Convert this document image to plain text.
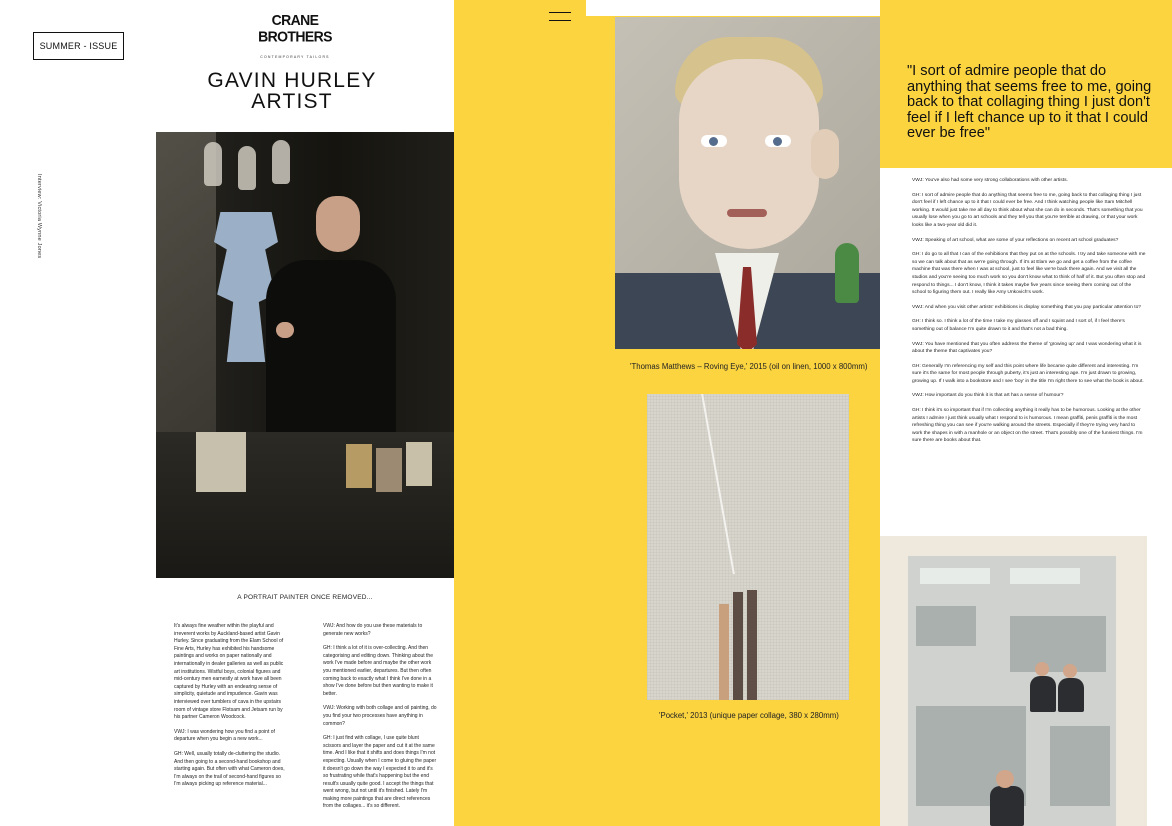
CRANE BROTHERS
CONTEMPORARY TAILORS
SUMMER - ISSUE
GAVIN HURLEY
ARTIST
Interview: Victoria Wynne Jones
A PORTRAIT PAINTER ONCE REMOVED...

It's always fine weather within the playful and irreverent works by Auckland-based artist Gavin Hurley. Since graduating from the Elam School of Fine Arts, Hurley has exhibited his handsome paintings and works on paper nationally and internationally in dealer galleries as well as public art institutions. Wistful boys, colonial figures and mid-century men earnestly at work have all been captured by Hurley with an endearing sense of simplicity, quietude and impudence. Gavin was interviewed over tumblers of cava in the upstairs room of vintage store Flotsam and Jetsam run by his partner Cameron Woodcock.

VWJ: I was wondering how you find a point of departure when you begin a new work...

GH: Well, usually totally de-cluttering the studio. And then going to a second-hand bookshop and starting again. But often with what Cameron does, I'm always on the trail of second-hand figures so I'm always picking up reference material...

VWJ: And how do you use these materials to generate new works?

GH: I think a lot of it is over-collecting. And then categorising and editing down. Thinking about the work I've made before and maybe the other work you mentioned earlier, departures. But then often coming back to exactly what I think I've done in a show I've done before but then wanting to make it better.

VWJ: Working with both collage and oil painting, do you find your two processes have anything in common?

GH: I just find with collage, I use quite blunt scissors and layer the paper and cut it at the same time. And I like that it shifts and does things I'm not expecting. Usually when I come to gluing the paper it doesn't go down the way I expected it to and it's so frustrating while that's happening but the end result's usually quite good. I accept the things that went wrong, but not until it's finished. Lately I'm making more paintings that are direct references from the collages... it's so different.

'Thomas Matthews – Roving Eye,' 2015 (oil on linen, 1000 x 800mm)
'Pocket,' 2013 (unique paper collage, 380 x 280mm)
"I sort of admire people that do anything that seems free to me, going back to that collaging thing I just don't feel if I left chance up to it that I could ever be free"

VWJ: You've also had some very strong collaborations with other artists.

GH: I sort of admire people that do anything that seems free to me, going back to that collaging thing I just don't feel if I left chance up to it that I could ever be free. And I think watching people like Sam Mitchell working. It would just take me all day to think about what she can do in seconds. That's something that you usually lose when you go to art schools and they tell you that you're terrible at drawing, or that your work looks like a two-year old did it.

VWJ: Speaking of art school, what are some of your reflections on recent art school graduates?

GH: I do go to all that I can of the exhibitions that they put on at the schools. I try and take someone with me so we can talk about that as we're going through. If it's at Elam we go and get a coffee from the coffee machine that was there when I was at school, just to feel like we're back there again. And we visit all the studios and you're seeing too much work so you don't know what to think of half of it. But you often stop and respond to things... I don't know, I think it takes maybe five years since seeing them coming out of the school to figuring them out. I really like Amy Unkovich's work.

VWJ: And when you visit other artists' exhibitions is display something that you pay particular attention to?

GH: I think so. I think a lot of the time I take my glasses off and I squint and I sort of, if I feel there's something out of balance I'm quite drawn to it and that's not a bad thing.

VWJ: You have mentioned that you often address the theme of 'growing up' and I was wondering what it is about the theme that captivates you?

GH: Generally I'm referencing my self and this point where life became quite different and interesting. I'm sure it's the same for most people through puberty, it's just an interesting age. I'm just drawn to growing, growing up. If I walk into a bookstore and I see 'boy' in the title I'm right there to see what the book is about.

VWJ: How important do you think it is that art has a sense of humour?

GH: I think it's so important that if I'm collecting anything it really has to be humorous. Looking at the other artists I admire I just think usually what I respond to is humorous. I mean graffiti, penis graffiti is the most refreshing thing you can see if you're walking around the streets. Especially if they're trying very hard to work the shapes in with a manhole or an object on the street. That's possibly one of the funniest things. I'm sure there are books about that.
